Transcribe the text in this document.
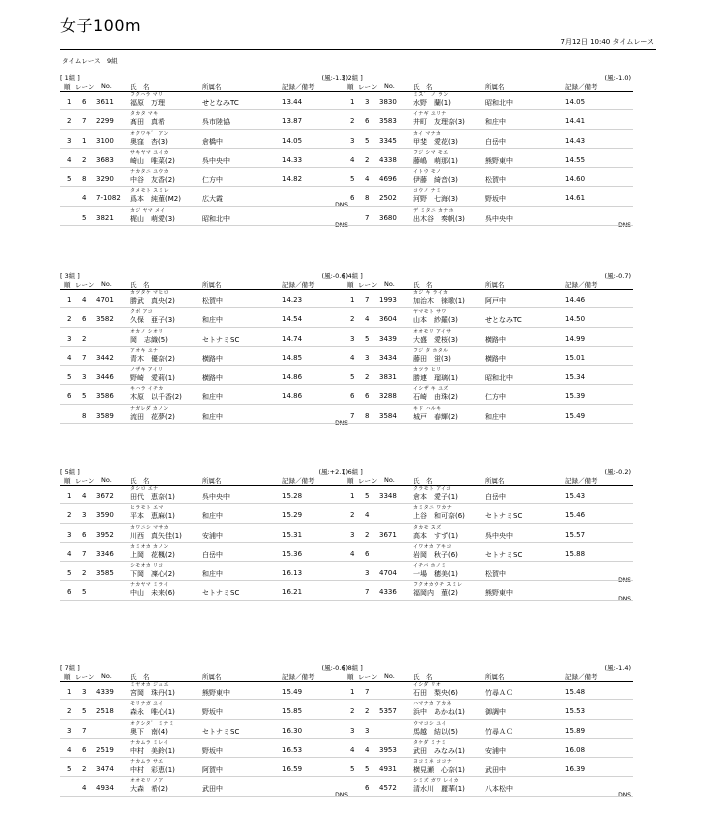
女子100m
7月12日 10:40 タイムレース
タイムレース　9組
[ 1組 ]	(風:-1.3)
順 レーン No.	氏　名	所属名	記録／備考
フクハラ マリ
1 6 3611 福原　万理	せとなみTC	13.44
タカタ マキ
2 7 2299 髙田　真希	呉市陸協	13.87
オクワキ゛ アン
3 1 3100 奥窪　杏(3)	倉橋中	14.05
サキヤマ ユイカ
4 2 3683 崎山　唯菜(2)	呉中央中	14.33
ナカタニ ユウカ
5 8 3290 中谷　友香(2)	仁方中	14.82
タメモト スミレ
4 7-1082 爲本　純菫(M2)	広大霞
DNS
カジ ヤマ メイ
5 3821 梶山　萌愛(3)	昭和北中
DNS
[ 2組 ]	(風:-1.0)
順 レーン No.	氏　名	所属名	記録／備考
ミス゛ ノ ラン
1 3 3830 水野　蘭(1)	昭和北中	14.05
イナギ ユリナ
2 6 3583 井町　友理奈(3)	和庄中	14.41
カイ マナカ
3 5 3345 甲斐　愛花(3)	白岳中	14.43
フジ シマ モエ
4 2 4338 藤嶋　萌那(1)	熊野東中	14.55
イトウ モノ
5 4 4696 伊藤　綺音(3)	松賀中	14.60
コウノ ナミ
6 8 2502 河野　七海(3)	野坂中	14.61
デ ミタニ カナホ
7 3680 出木谷　奏帆(3)	呉中央中
DNS
[ 3組 ]	(風:-0.6)
順 レーン No.	氏　名	所属名	記録／備考
カツタケ マヒロ
1 4 4701 勝武　真央(2)	松賀中	14.23
クボ アコ
2 6 3582 久保　亜子(3)	和庄中	14.54
オカノ シオリ
3 2	岡　志織(5)	セトナミSC	14.74
アオキ ユナ
4 7 3442 青木　優奈(2)	横路中	14.85
ノザキ アイリ
5 3 3446 野崎　愛莉(1)	横路中	14.86
キハラ イチカ
6 5 3586 木原　以千香(2)	和庄中	14.86
ナガレダ カノン
8 3589 流田　花夢(2)	和庄中
DNS
[ 4組 ]	(風:-0.7)
順 レーン No.	氏　名	所属名	記録／備考
カジ キ ライカ
1 7 1993 加治木　徠歌(1)	阿戸中	14.46
ヤマモト サワ
2 4 3604 山本　紗羅(3)	せとなみTC	14.50
オオモリ アイサ
3 5 3439 大盛　愛桜(3)	横路中	14.99
フジ タ ホタル
4 3 3434 藤田　蛍(3)	横路中	15.01
カツラ ヒリ
5 2 3831 勝連　瑠璃(1)	昭和北中	15.34
イシザ キ ユズ
6 6 3288 石崎　由珠(2)	仁方中	15.39
キド ハルキ
7 8 3584 城戸　春輝(2)	和庄中	15.49
[ 5組 ]	(風:+2.1)
順 レーン No.	氏　名	所属名	記録／備考
タシロ エナ
1 4 3672 田代　恵奈(1)	呉中央中	15.28
ヒラモト エマ
2 3 3590 平本　恵麻(1)	和庄中	15.29
カワニシ マサカ
3 6 3952 川西　真矢佳(1)	安浦中	15.31
カミオカ カノン
4 7 3346 上岡　花楓(2)	白岳中	15.36
シモオカ リコ
5 2 3585 下岡　凜心(2)	和庄中	16.13
ナカヤマ ミライ
6 5	中山　未来(6)	セトナミSC	16.21
[ 6組 ]	(風:-0.2)
順 レーン No.	氏　名	所属名	記録／備考
クラモト アイコ
1 5 3348 倉本　愛子(1)	白岳中	15.43
カミタニ ワカナ
2 4	上谷　和可奈(6)	セトナミSC	15.46
タカモ スズ
3 2 3671 高本　すず(1)	呉中央中	15.57
イワオカ アキコ
4 6	岩岡　秋子(6)	セトナミSC	15.88
イチバ ホノミ
3 4704 一場　穂美(1)	松賀中
DNS
フクオカウチ スミレ
7 4336 福岡内　菫(2)	熊野東中
DNS
[ 7組 ]	(風:-0.6)
順 レーン No.	氏　名	所属名	記録／備考
ミヤオカ ジュエ
1 3 4339 宮岡　珠丹(1)	熊野東中	15.49
モリナガ ユイ
2 5 2518 森永　唯心(1)	野坂中	15.85
オクシタ゛ ミナミ
3 7	奥下　南(4)	セトナミSC	16.30
ナカムラ ミレイ
4 6 2519 中村　美鈴(1)	野坂中	16.53
ナカムラ サエ
5 2 3474 中村　彩恵(1)	阿賀中	16.59
オオモリ ノア
4 4934 大森　希(2)	武田中
DNS
[ 8組 ]	(風:-1.4)
順 レーン No.	氏　名	所属名	記録／備考
イシダ リオ
1 7	石田　梨央(6)	竹尋ＡＣ	15.48
ハマナカ アカネ
2 2 5357 浜中　あかね(1)	御調中	15.53
ウマコシ ユイ
3 3	馬越　結以(5)	竹尋ＡＣ	15.89
タケダ ミナミ
4 4 3953 武田　みなみ(1)	安浦中	16.08
ヨコミネ ココナ
5 5 4931 横見瀬　心奈(1)	武田中	16.39
シミズ ガワ レイカ
6 4572 清水川　麗華(1)	八本松中
DNS
